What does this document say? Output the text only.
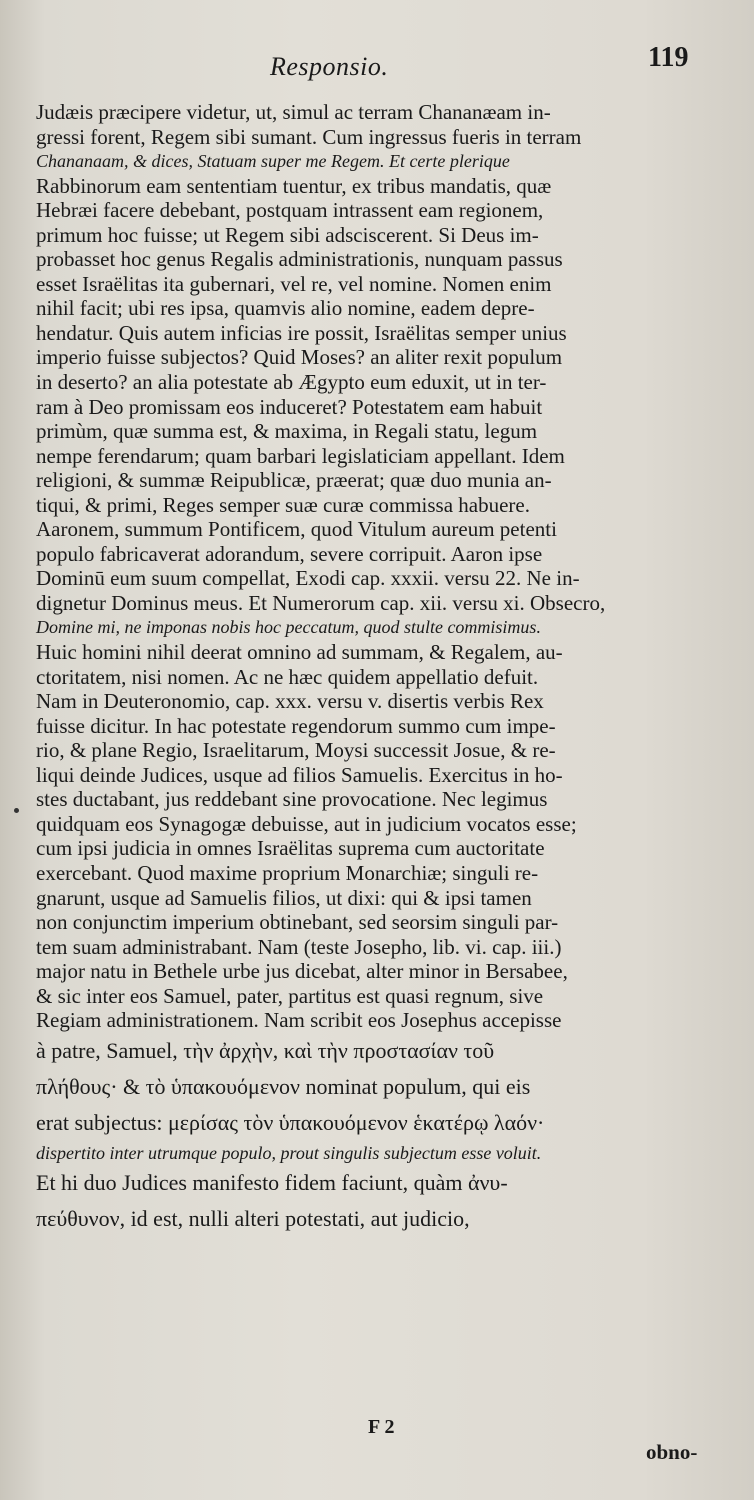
Responsio.	119
Judæis præcipere videtur, ut, simul ac terram Chananæam in-
gressi forent, Regem sibi sumant. Cum ingressus fueris in terram
Chananaam, & dices, Statuam super me Regem. Et certe plerique
Rabbinorum eam sententiam tuentur, ex tribus mandatis, quæ
Hebræi facere debebant, postquam intrassent eam regionem,
primum hoc fuisse; ut Regem sibi adsciscerent. Si Deus im-
probasset hoc genus Regalis administrationis, nunquam passus
esset Israëlitas ita gubernari, vel re, vel nomine. Nomen enim
nihil facit; ubi res ipsa, quamvis alio nomine, eadem depre-
hendatur. Quis autem inficias ire possit, Israëlitas semper unius
imperio fuisse subjectos? Quid Moses? an aliter rexit populum
in deserto? an alia potestate ab Ægypto eum eduxit, ut in ter-
ram à Deo promissam eos induceret? Potestatem eam habuit
primùm, quæ summa est, & maxima, in Regali statu, legum
nempe ferendarum; quam barbari legislaticiam appellant. Idem
religioni, & summæ Reipublicæ, præerat; quæ duo munia an-
tiqui, & primi, Reges semper suæ curæ commissa habuere.
Aaronem, summum Pontificem, quod Vitulum aureum petenti
populo fabricaverat adorandum, severe corripuit. Aaron ipse
Dominū eum suum compellat, Exodi cap. xxxii. versu 22. Ne in-
dignetur Dominus meus. Et Numerorum cap. xii. versu xi. Obsecro,
Domine mi, ne imponas nobis hoc peccatum, quod stulte commisimus.
Huic homini nihil deerat omnino ad summam, & Regalem, au-
ctoritatem, nisi nomen. Ac ne hæc quidem appellatio defuit.
Nam in Deuteronomio, cap. xxx. versu v. disertis verbis Rex
fuisse dicitur. In hac potestate regendorum summo cum impe-
rio, & plane Regio, Israelitarum, Moysi successit Josue, & re-
liqui deinde Judices, usque ad filios Samuelis. Exercitus in ho-
stes ductabant, jus reddebant sine provocatione. Nec legimus
quidquam eos Synagogæ debuisse, aut in judicium vocatos esse;
cum ipsi judicia in omnes Israëlitas suprema cum auctoritate
exercebant. Quod maxime proprium Monarchiæ; singuli re-
gnarunt, usque ad Samuelis filios, ut dixi: qui & ipsi tamen
non conjunctim imperium obtinebant, sed seorsim singuli par-
tem suam administrabant. Nam (teste Josepho, lib. vi. cap. iii.)
major natu in Bethele urbe jus dicebat, alter minor in Bersabee,
& sic inter eos Samuel, pater, partitus est quasi regnum, sive
Regiam administrationem. Nam scribit eos Josephus accepisse
à patre, Samuel, τὴν ἀρχὴν, καὶ τὴν προστασίαν τοῦ
πλήθους· & τὸ ὑπακουόμενον nominat populum, qui eis
erat subjectus: μερίσας τὸν ὑπακουόμενον ἑκατέρῳ λαόν·
dispertito inter utrumque populo, prout singulis subjectum esse voluit.
Et hi duo Judices manifesto fidem faciunt, quàm ἀνυ-
πεύθυνον, id est, nulli alteri potestati, aut judicio,
F 2
obno-
